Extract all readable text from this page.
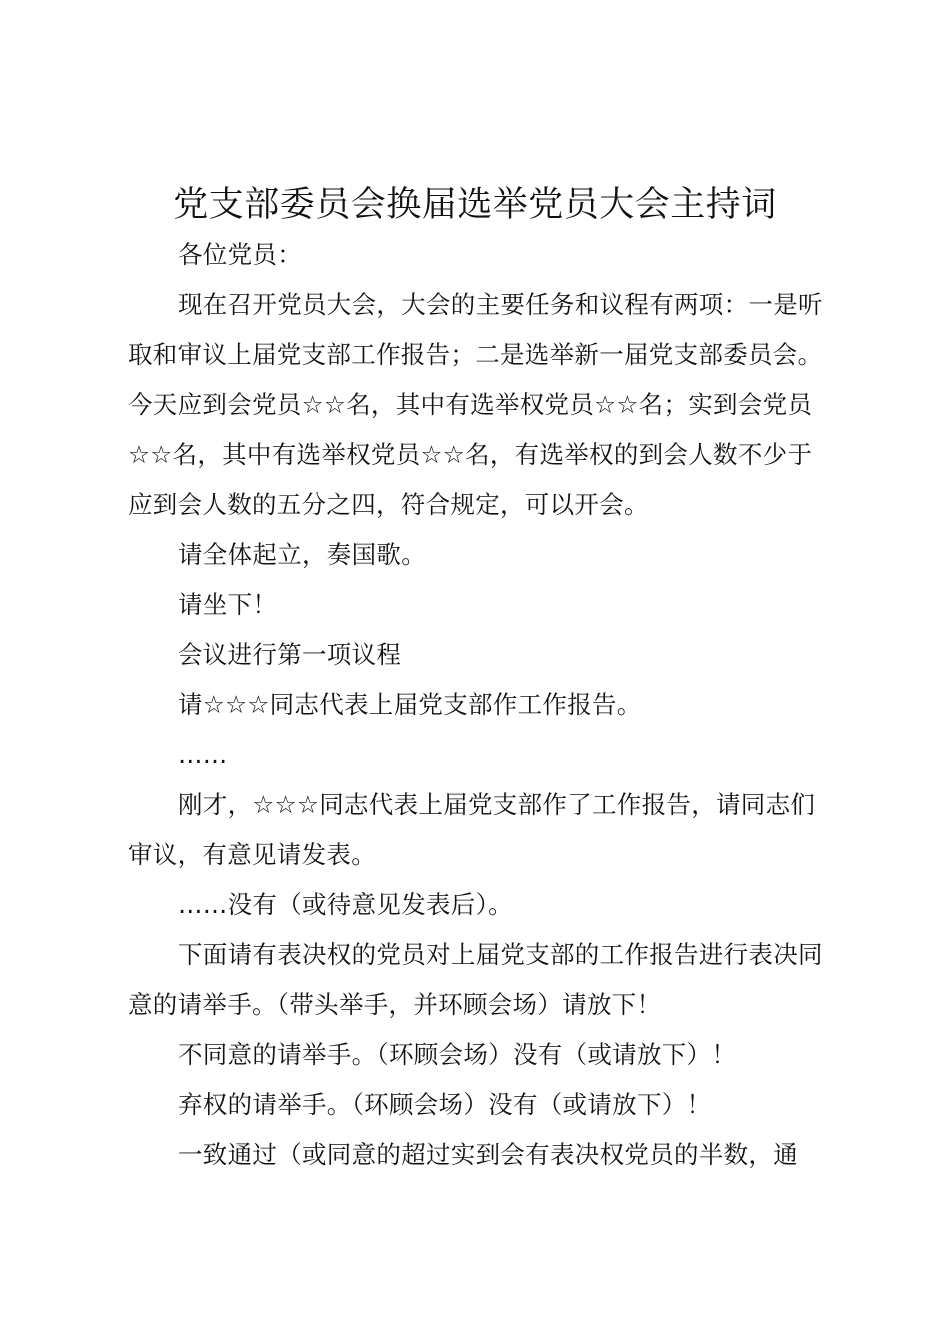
党支部委员会换届选举党员大会主持词

各位党员：

现在召开党员大会，大会的主要任务和议程有两项：一是听取和审议上届党支部工作报告；二是选举新一届党支部委员会。今天应到会党员☆☆名，其中有选举权党员☆☆名；实到会党员☆☆名，其中有选举权党员☆☆名，有选举权的到会人数不少于应到会人数的五分之四，符合规定，可以开会。

请全体起立，奏国歌。

请坐下！

会议进行第一项议程

请☆☆☆同志代表上届党支部作工作报告。

……

刚才，☆☆☆同志代表上届党支部作了工作报告，请同志们审议，有意见请发表。

……没有（或待意见发表后）。

下面请有表决权的党员对上届党支部的工作报告进行表决同意的请举手。（带头举手，并环顾会场）请放下！

不同意的请举手。（环顾会场）没有（或请放下）！

弃权的请举手。（环顾会场）没有（或请放下）！

一致通过（或同意的超过实到会有表决权党员的半数，通
